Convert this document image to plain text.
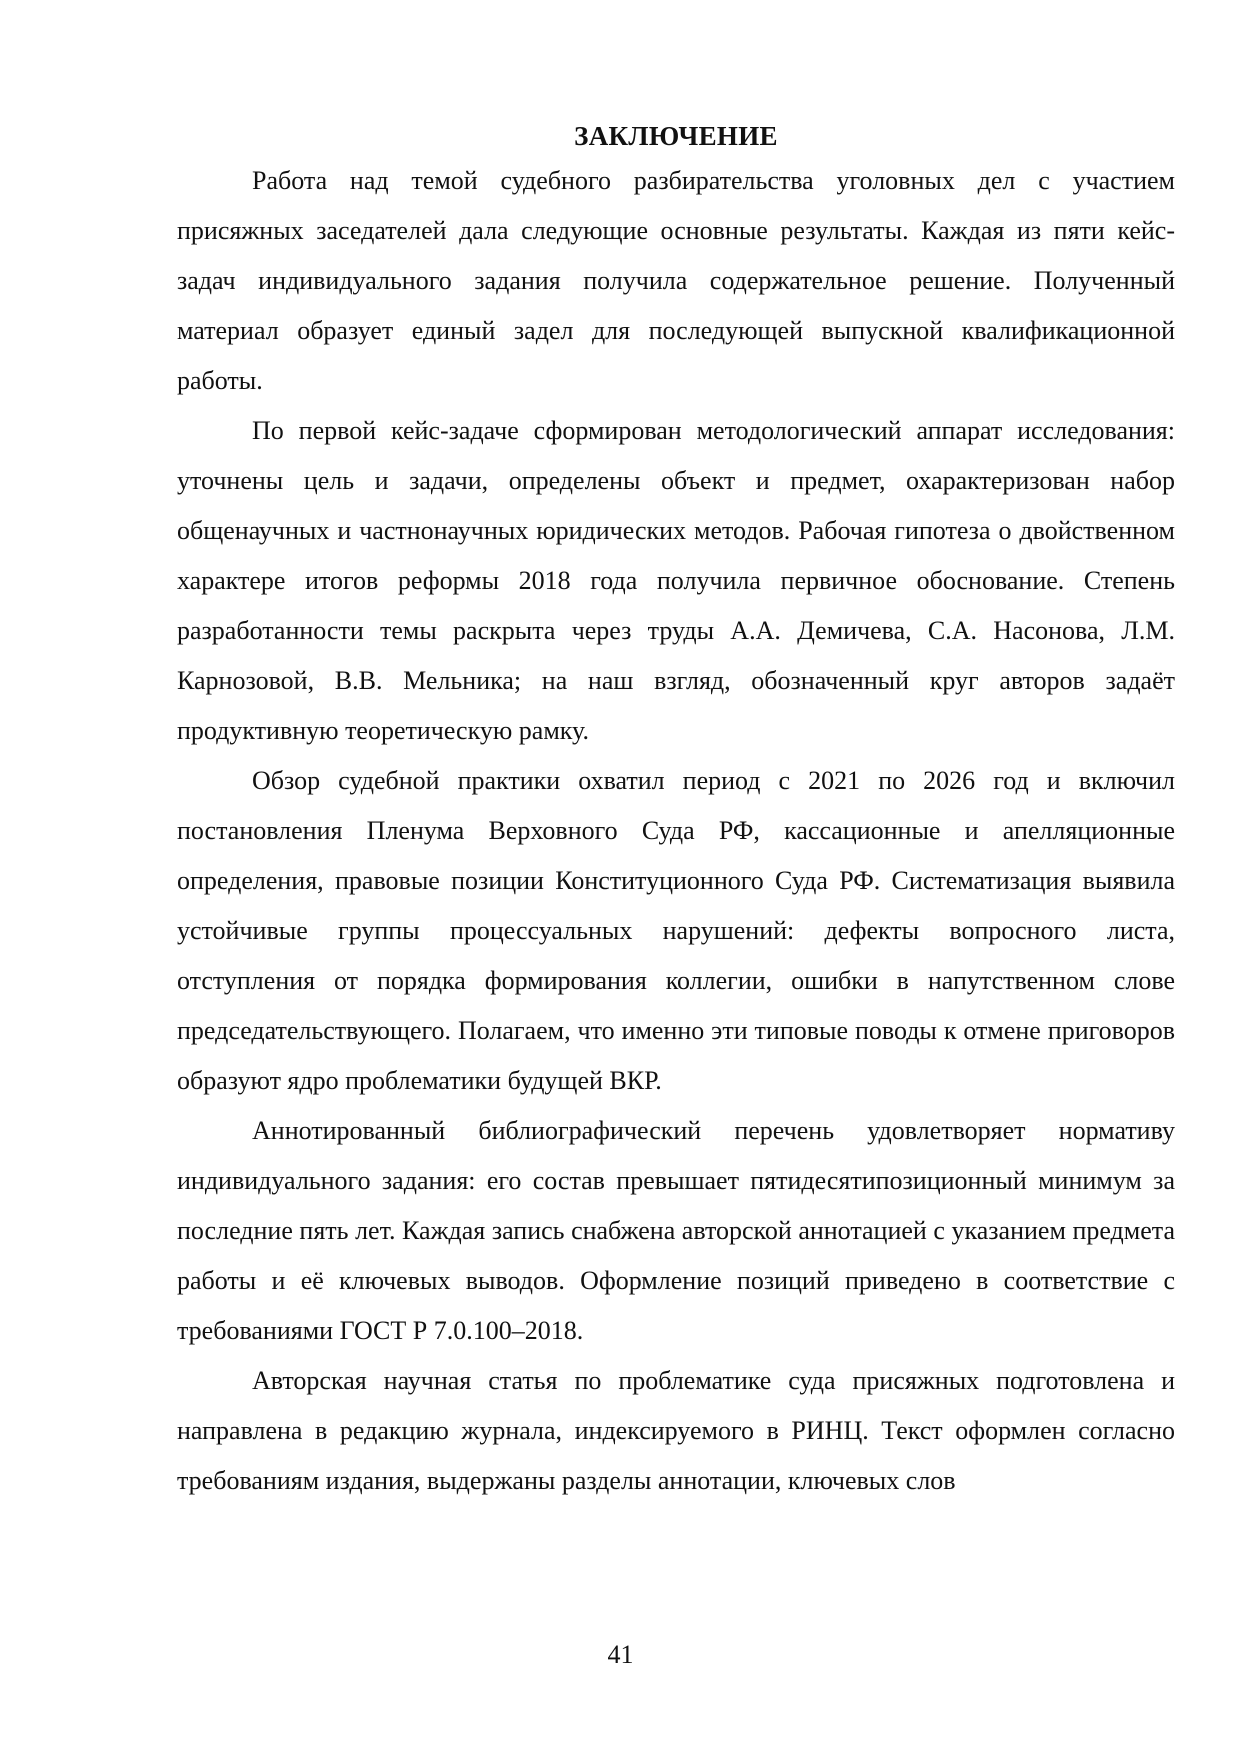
ЗАКЛЮЧЕНИЕ

Работа над темой судебного разбирательства уголовных дел с участием присяжных заседателей дала следующие основные результаты. Каждая из пяти кейс-задач индивидуального задания получила содержательное решение. Полученный материал образует единый задел для последующей выпускной квалификационной работы.

По первой кейс-задаче сформирован методологический аппарат исследования: уточнены цель и задачи, определены объект и предмет, охарактеризован набор общенаучных и частнонаучных юридических методов. Рабочая гипотеза о двойственном характере итогов реформы 2018 года получила первичное обоснование. Степень разработанности темы раскрыта через труды А.А. Демичева, С.А. Насонова, Л.М. Карнозовой, В.В. Мельника; на наш взгляд, обозначенный круг авторов задаёт продуктивную теоретическую рамку.

Обзор судебной практики охватил период с 2021 по 2026 год и включил постановления Пленума Верховного Суда РФ, кассационные и апелляционные определения, правовые позиции Конституционного Суда РФ. Систематизация выявила устойчивые группы процессуальных нарушений: дефекты вопросного листа, отступления от порядка формирования коллегии, ошибки в напутственном слове председательствующего. Полагаем, что именно эти типовые поводы к отмене приговоров образуют ядро проблематики будущей ВКР.

Аннотированный библиографический перечень удовлетворяет нормативу индивидуального задания: его состав превышает пятидесятипозиционный минимум за последние пять лет. Каждая запись снабжена авторской аннотацией с указанием предмета работы и её ключевых выводов. Оформление позиций приведено в соответствие с требованиями ГОСТ Р 7.0.100–2018.

Авторская научная статья по проблематике суда присяжных подготовлена и направлена в редакцию журнала, индексируемого в РИНЦ. Текст оформлен согласно требованиям издания, выдержаны разделы аннотации, ключевых слов

41
